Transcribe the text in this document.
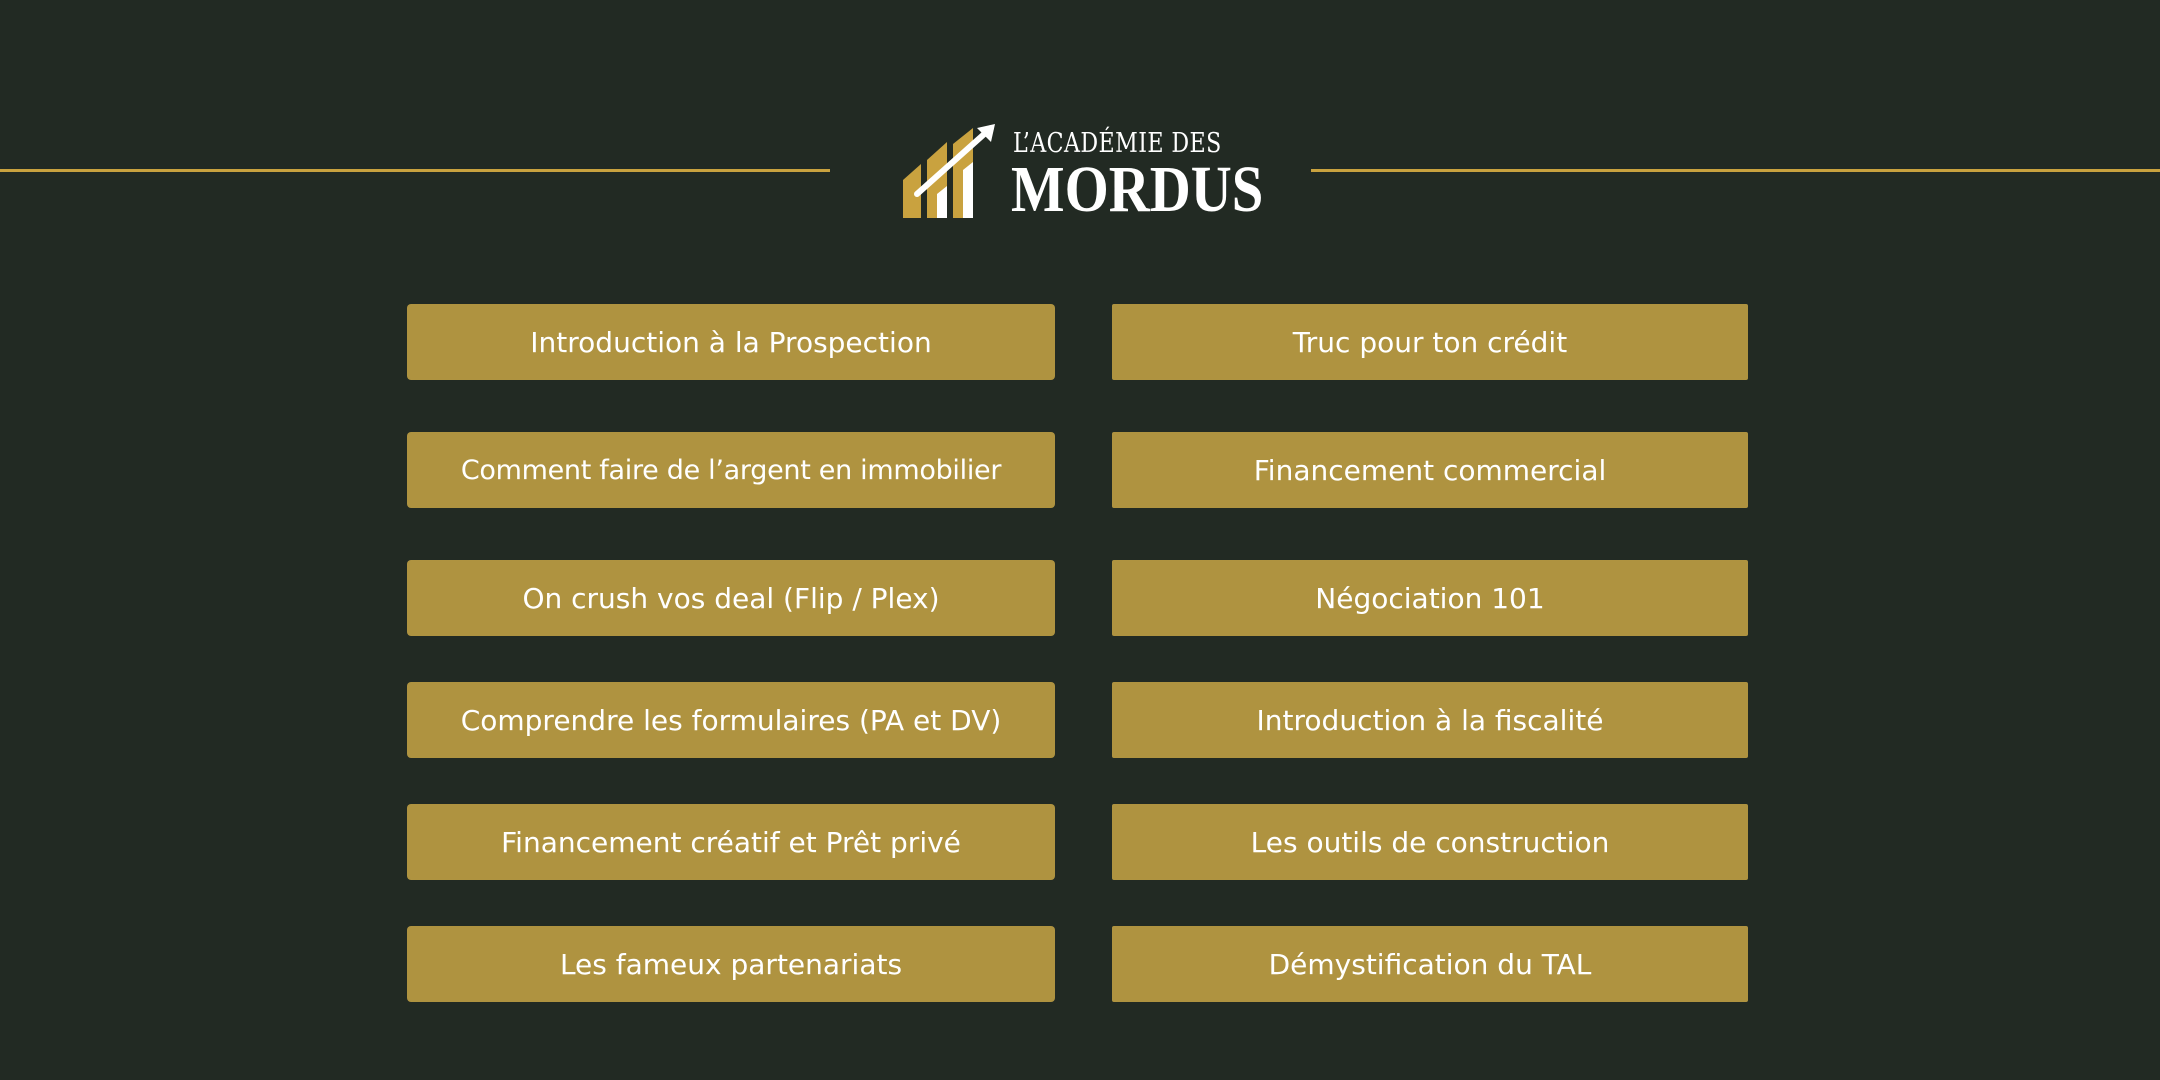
L’ACADÉMIE DES
MORDUS
Introduction à la Prospection
Comment faire de l’argent en immobilier
On crush vos deal (Flip / Plex)
Comprendre les formulaires (PA et DV)
Financement créatif et Prêt privé
Les fameux partenariats
Truc pour ton crédit
Financement commercial
Négociation 101
Introduction à la fiscalité
Les outils de construction
Démystification du TAL
